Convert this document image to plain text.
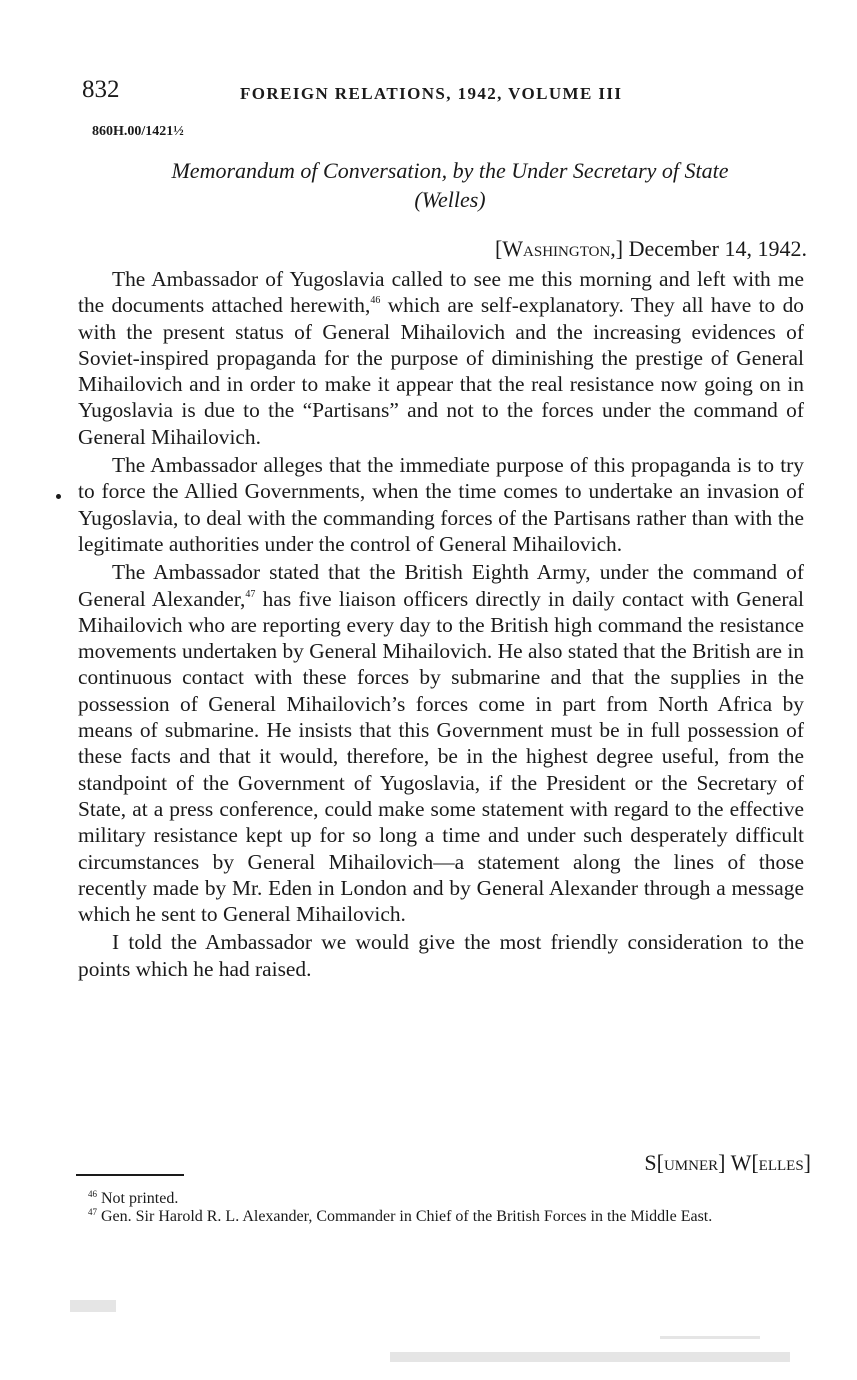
832	FOREIGN RELATIONS, 1942, VOLUME III
860H.00/1421½
Memorandum of Conversation, by the Under Secretary of State
(Welles)
[Washington,] December 14, 1942.

The Ambassador of Yugoslavia called to see me this morning and left with me the documents attached herewith,$^{46}$ which are self-explanatory. They all have to do with the present status of General Mihailovich and the increasing evidences of Soviet-inspired propaganda for the purpose of diminishing the prestige of General Mihailovich and in order to make it appear that the real resistance now going on in Yugoslavia is due to the “Partisans” and not to the forces under the command of General Mihailovich.

The Ambassador alleges that the immediate purpose of this propaganda is to try to force the Allied Governments, when the time comes to undertake an invasion of Yugoslavia, to deal with the commanding forces of the Partisans rather than with the legitimate authorities under the control of General Mihailovich.

The Ambassador stated that the British Eighth Army, under the command of General Alexander,$^{47}$ has five liaison officers directly in daily contact with General Mihailovich who are reporting every day to the British high command the resistance movements undertaken by General Mihailovich. He also stated that the British are in continuous contact with these forces by submarine and that the supplies in the possession of General Mihailovich’s forces come in part from North Africa by means of submarine. He insists that this Government must be in full possession of these facts and that it would, therefore, be in the highest degree useful, from the standpoint of the Government of Yugoslavia, if the President or the Secretary of State, at a press conference, could make some statement with regard to the effective military resistance kept up for so long a time and under such desperately difficult circumstances by General Mihailovich—a statement along the lines of those recently made by Mr. Eden in London and by General Alexander through a message which he sent to General Mihailovich.

I told the Ambassador we would give the most friendly consideration to the points which he had raised.

S[umner] W[elles]

$^{46}$ Not printed.

$^{47}$ Gen. Sir Harold R. L. Alexander, Commander in Chief of the British Forces in the Middle East.
